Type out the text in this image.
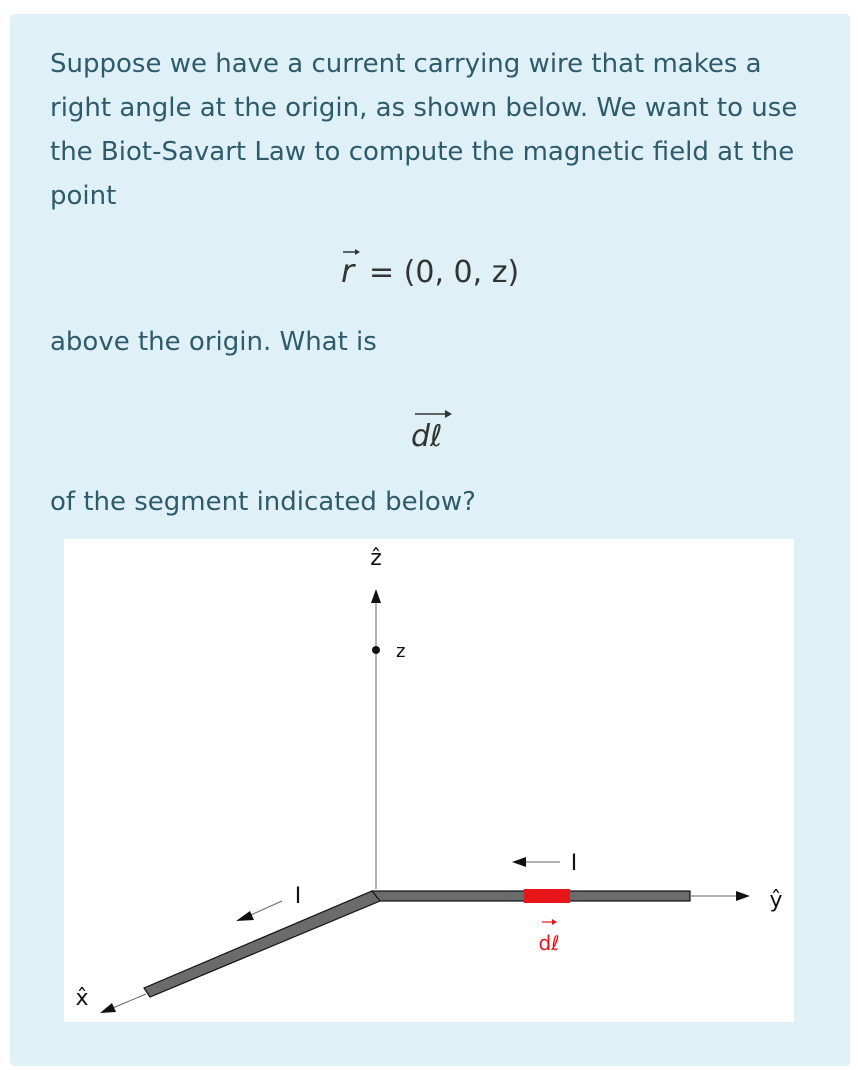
Suppose we have a current carrying wire that makes a right angle at the origin, as shown below. We want to use the Biot-Savart Law to compute the magnetic field at the point

r = (0, 0, z)

above the origin. What is

dℓ

of the segment indicated below?

ẑ
z
ŷ
x̂
I
I
dℓ
